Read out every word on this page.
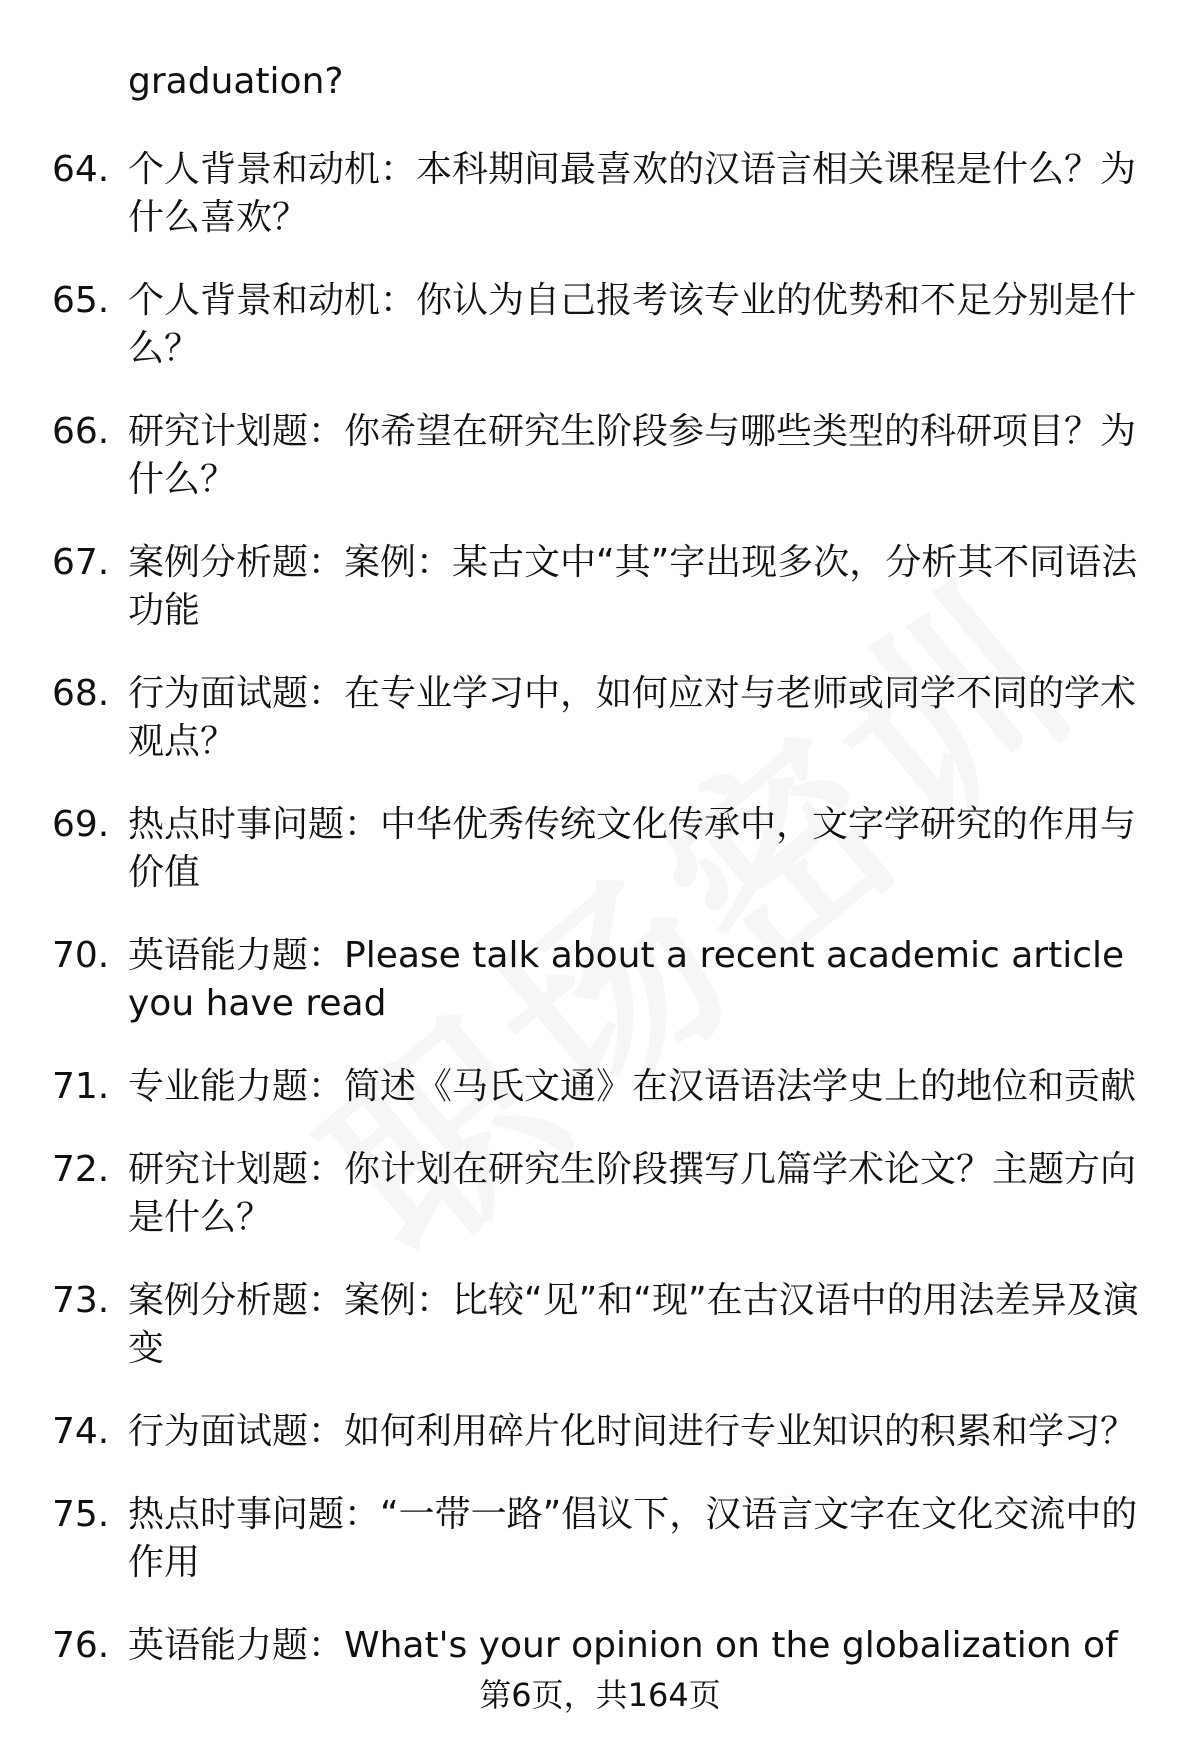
graduation?

64. 个人背景和动机：本科期间最喜欢的汉语言相关课程是什么？为什么喜欢？

65. 个人背景和动机：你认为自己报考该专业的优势和不足分别是什么？

66. 研究计划题：你希望在研究生阶段参与哪些类型的科研项目？为什么？

67. 案例分析题：案例：某古文中“其”字出现多次，分析其不同语法功能

68. 行为面试题：在专业学习中，如何应对与老师或同学不同的学术观点？

69. 热点时事问题：中华优秀传统文化传承中，文字学研究的作用与价值

70. 英语能力题：Please talk about a recent academic article you have read

71. 专业能力题：简述《马氏文通》在汉语语法学史上的地位和贡献

72. 研究计划题：你计划在研究生阶段撰写几篇学术论文？主题方向是什么？

73. 案例分析题：案例：比较“见”和“现”在古汉语中的用法差异及演变

74. 行为面试题：如何利用碎片化时间进行专业知识的积累和学习？

75. 热点时事问题：“一带一路”倡议下，汉语言文字在文化交流中的作用

76. 英语能力题：What's your opinion on the globalization of

第6页，共164页
